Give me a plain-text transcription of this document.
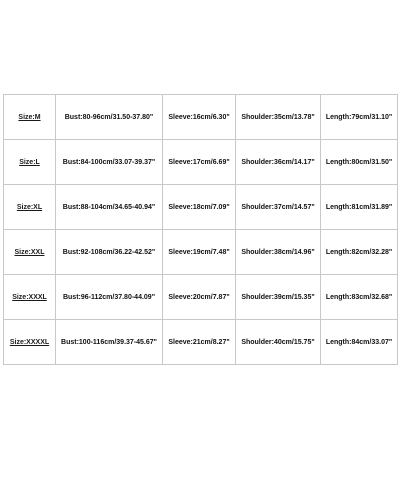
Size:M	Bust:80-96cm/31.50-37.80"	Sleeve:16cm/6.30"	Shoulder:35cm/13.78"	Length:79cm/31.10"
Size:L	Bust:84-100cm/33.07-39.37"	Sleeve:17cm/6.69"	Shoulder:36cm/14.17"	Length:80cm/31.50"
Size:XL	Bust:88-104cm/34.65-40.94"	Sleeve:18cm/7.09"	Shoulder:37cm/14.57"	Length:81cm/31.89"
Size:XXL	Bust:92-108cm/36.22-42.52"	Sleeve:19cm/7.48"	Shoulder:38cm/14.96"	Length:82cm/32.28"
Size:XXXL	Bust:96-112cm/37.80-44.09"	Sleeve:20cm/7.87"	Shoulder:39cm/15.35"	Length:83cm/32.68"
Size:XXXXL	Bust:100-116cm/39.37-45.67"	Sleeve:21cm/8.27"	Shoulder:40cm/15.75"	Length:84cm/33.07"
